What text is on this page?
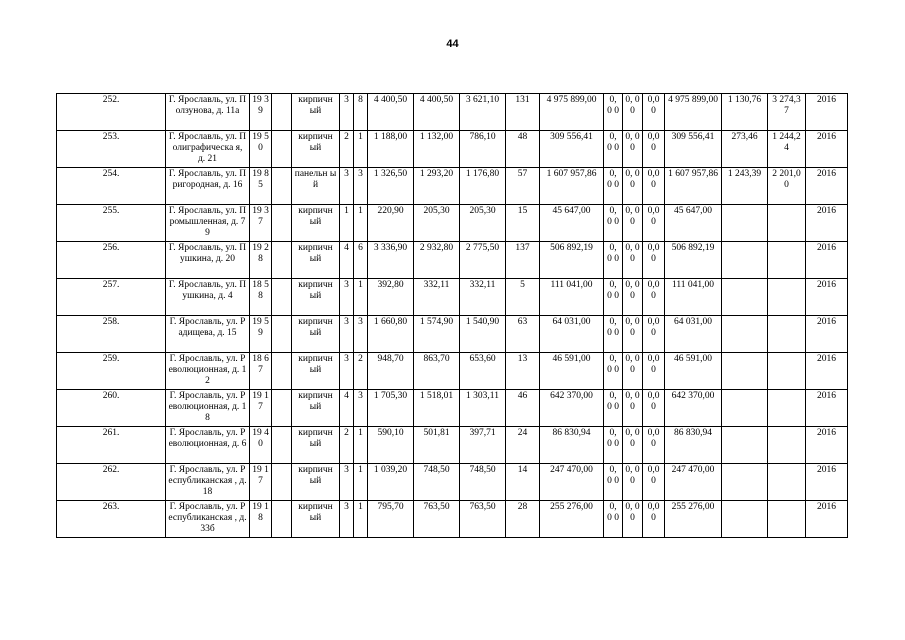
44
252.	Г. Ярославль, ул. Ползунова, д. 11а	19 39		кирпичн ый	3	8	4 400,50	4 400,50	3 621,10	131	4 975 899,00	0, 0 0	0, 0 0	0,0 0	4 975 899,00	1 130,76	3 274,3 7	2016
253.	Г. Ярославль, ул. Полиграфическа я, д. 21	19 50		кирпичн ый	2	1	1 188,00	1 132,00	786,10	48	309 556,41	0, 0 0	0, 0 0	0,0 0	309 556,41	273,46	1 244,2 4	2016
254.	Г. Ярославль, ул. Пригородная, д. 16	19 85		панельн ый	3	3	1 326,50	1 293,20	1 176,80	57	1 607 957,86	0, 0 0	0, 0 0	0,0 0	1 607 957,86	1 243,39	2 201,0 0	2016
255.	Г. Ярославль, ул. Промышленная, д. 79	19 37		кирпичн ый	1	1	220,90	205,30	205,30	15	45 647,00	0, 0 0	0, 0 0	0,0 0	45 647,00			2016
256.	Г. Ярославль, ул. Пушкина, д. 20	19 28		кирпичн ый	4	6	3 336,90	2 932,80	2 775,50	137	506 892,19	0, 0 0	0, 0 0	0,0 0	506 892,19			2016
257.	Г. Ярославль, ул. Пушкина, д. 4	18 58		кирпичн ый	3	1	392,80	332,11	332,11	5	111 041,00	0, 0 0	0, 0 0	0,0 0	111 041,00			2016
258.	Г. Ярославль, ул. Радищева, д. 15	19 59		кирпичн ый	3	3	1 660,80	1 574,90	1 540,90	63	64 031,00	0, 0 0	0, 0 0	0,0 0	64 031,00			2016
259.	Г. Ярославль, ул. Революционная, д. 12	18 67		кирпичн ый	3	2	948,70	863,70	653,60	13	46 591,00	0, 0 0	0, 0 0	0,0 0	46 591,00			2016
260.	Г. Ярославль, ул. Революционная, д. 18	19 17		кирпичн ый	4	3	1 705,30	1 518,01	1 303,11	46	642 370,00	0, 0 0	0, 0 0	0,0 0	642 370,00			2016
261.	Г. Ярославль, ул. Революционная, д. 6	19 40		кирпичн ый	2	1	590,10	501,81	397,71	24	86 830,94	0, 0 0	0, 0 0	0,0 0	86 830,94			2016
262.	Г. Ярославль, ул. Республиканская , д. 18	19 17		кирпичн ый	3	1	1 039,20	748,50	748,50	14	247 470,00	0, 0 0	0, 0 0	0,0 0	247 470,00			2016
263.	Г. Ярославль, ул. Республиканская , д. 33б	19 18		кирпичн ый	3	1	795,70	763,50	763,50	28	255 276,00	0, 0 0	0, 0 0	0,0 0	255 276,00			2016
